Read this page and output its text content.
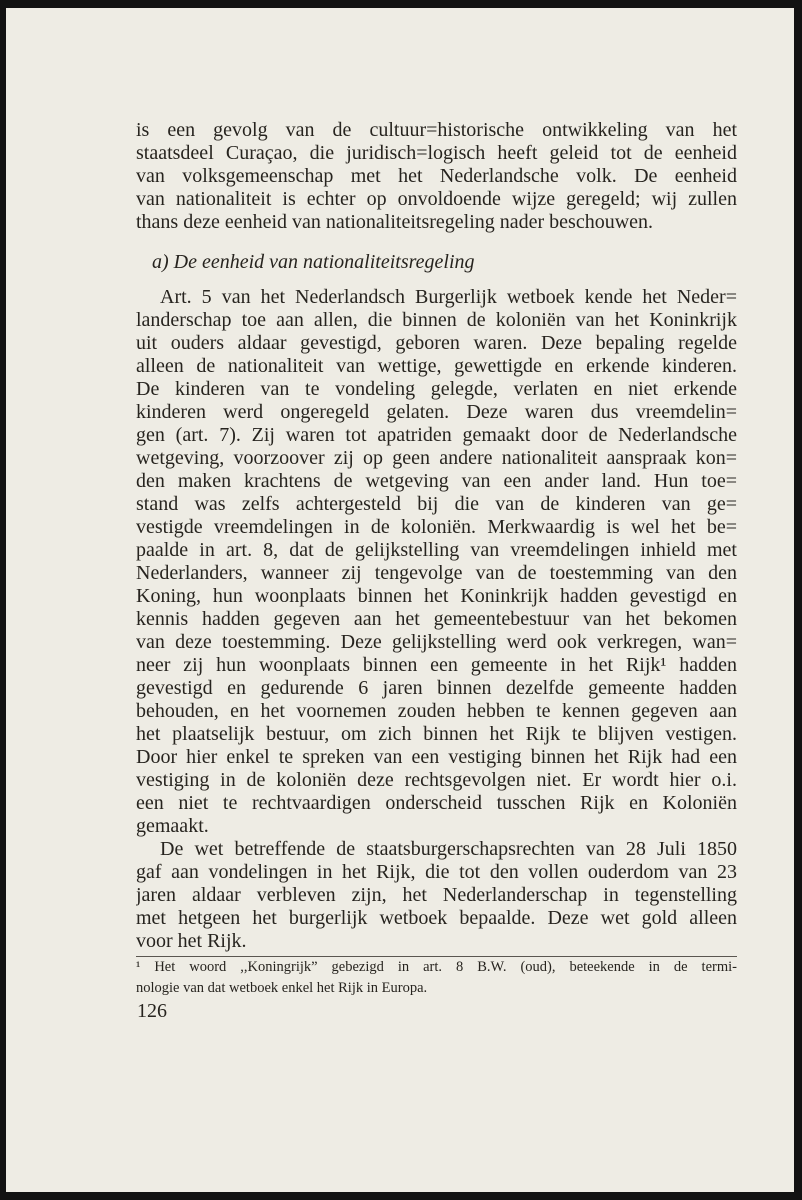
is een gevolg van de cultuur=historische ontwikkeling van het
staatsdeel Curaçao, die juridisch=logisch heeft geleid tot de eenheid
van volksgemeenschap met het Nederlandsche volk. De eenheid
van nationaliteit is echter op onvoldoende wijze geregeld; wij zullen
thans deze eenheid van nationaliteitsregeling nader beschouwen.
a) De eenheid van nationaliteitsregeling
Art. 5 van het Nederlandsch Burgerlijk wetboek kende het Neder=
landerschap toe aan allen, die binnen de koloniën van het Koninkrijk
uit ouders aldaar gevestigd, geboren waren. Deze bepaling regelde
alleen de nationaliteit van wettige, gewettigde en erkende kinderen.
De kinderen van te vondeling gelegde, verlaten en niet erkende
kinderen werd ongeregeld gelaten. Deze waren dus vreemdelin=
gen (art. 7). Zij waren tot apatriden gemaakt door de Nederlandsche
wetgeving, voorzoover zij op geen andere nationaliteit aanspraak kon=
den maken krachtens de wetgeving van een ander land. Hun toe=
stand was zelfs achtergesteld bij die van de kinderen van ge=
vestigde vreemdelingen in de koloniën. Merkwaardig is wel het be=
paalde in art. 8, dat de gelijkstelling van vreemdelingen inhield met
Nederlanders, wanneer zij tengevolge van de toestemming van den
Koning, hun woonplaats binnen het Koninkrijk hadden gevestigd en
kennis hadden gegeven aan het gemeentebestuur van het bekomen
van deze toestemming. Deze gelijkstelling werd ook verkregen, wan=
neer zij hun woonplaats binnen een gemeente in het Rijk¹ hadden
gevestigd en gedurende 6 jaren binnen dezelfde gemeente hadden
behouden, en het voornemen zouden hebben te kennen gegeven aan
het plaatselijk bestuur, om zich binnen het Rijk te blijven vestigen.
Door hier enkel te spreken van een vestiging binnen het Rijk had een
vestiging in de koloniën deze rechtsgevolgen niet. Er wordt hier o.i.
een niet te rechtvaardigen onderscheid tusschen Rijk en Koloniën
gemaakt.
De wet betreffende de staatsburgerschapsrechten van 28 Juli 1850
gaf aan vondelingen in het Rijk, die tot den vollen ouderdom van 23
jaren aldaar verbleven zijn, het Nederlanderschap in tegenstelling
met hetgeen het burgerlijk wetboek bepaalde. Deze wet gold alleen
voor het Rijk.
¹ Het woord ,,Koningrijk” gebezigd in art. 8 B.W. (oud), beteekende in de termi-
nologie van dat wetboek enkel het Rijk in Europa.
126
